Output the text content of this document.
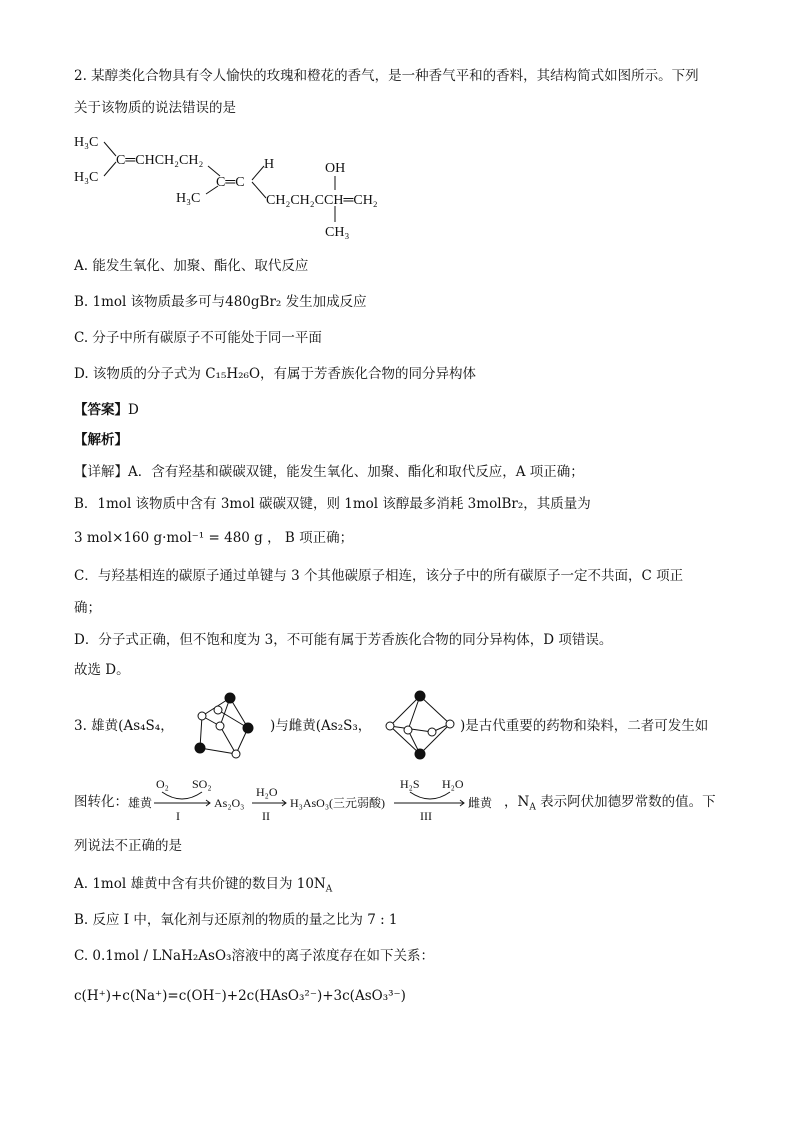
2. 某醇类化合物具有令人愉快的玫瑰和橙花的香气，是一种香气平和的香料，其结构简式如图所示。下列
关于该物质的说法错误的是
H₃C
H₃C
C═CHCH₂CH₂
H₃C
C═C
H
CH₂CH₂CCH═CH₂
OH
CH₃
A. 能发生氧化、加聚、酯化、取代反应
B. 1mol 该物质最多可与480gBr₂ 发生加成反应
C. 分子中所有碳原子不可能处于同一平面
D. 该物质的分子式为 C₁₅H₂₆O，有属于芳香族化合物的同分异构体
【答案】D
【解析】
【详解】A．含有羟基和碳碳双键，能发生氧化、加聚、酯化和取代反应，A 项正确；
B．1mol 该物质中含有 3mol 碳碳双键，则 1mol 该醇最多消耗 3molBr₂，其质量为
3 mol×160 g·mol⁻¹ = 480 g ， B 项正确；
C．与羟基相连的碳原子通过单键与 3 个其他碳原子相连，该分子中的所有碳原子一定不共面，C 项正
确；
D．分子式正确，但不饱和度为 3，不可能有属于芳香族化合物的同分异构体，D 项错误。
故选 D。
3. 雄黄(As₄S₄，	)与雌黄(As₂S₃，	)是古代重要的药物和染料，二者可发生如
图转化： 雄黄
O₂ SO₂
I
As₂O₃
H₂O
II
H₃AsO₃(三元弱酸)
H₂S H₂O
III
雌黄 ，$N_A$ 表示阿伏加德罗常数的值。下
列说法不正确的是
A. 1mol 雄黄中含有共价键的数目为 $10N_A$
B. 反应 I 中，氧化剂与还原剂的物质的量之比为 7 : 1
C. 0.1mol / LNaH₂AsO₃溶液中的离子浓度存在如下关系：
c(H⁺)+c(Na⁺)=c(OH⁻)+2c(HAsO₃²⁻)+3c(AsO₃³⁻)
